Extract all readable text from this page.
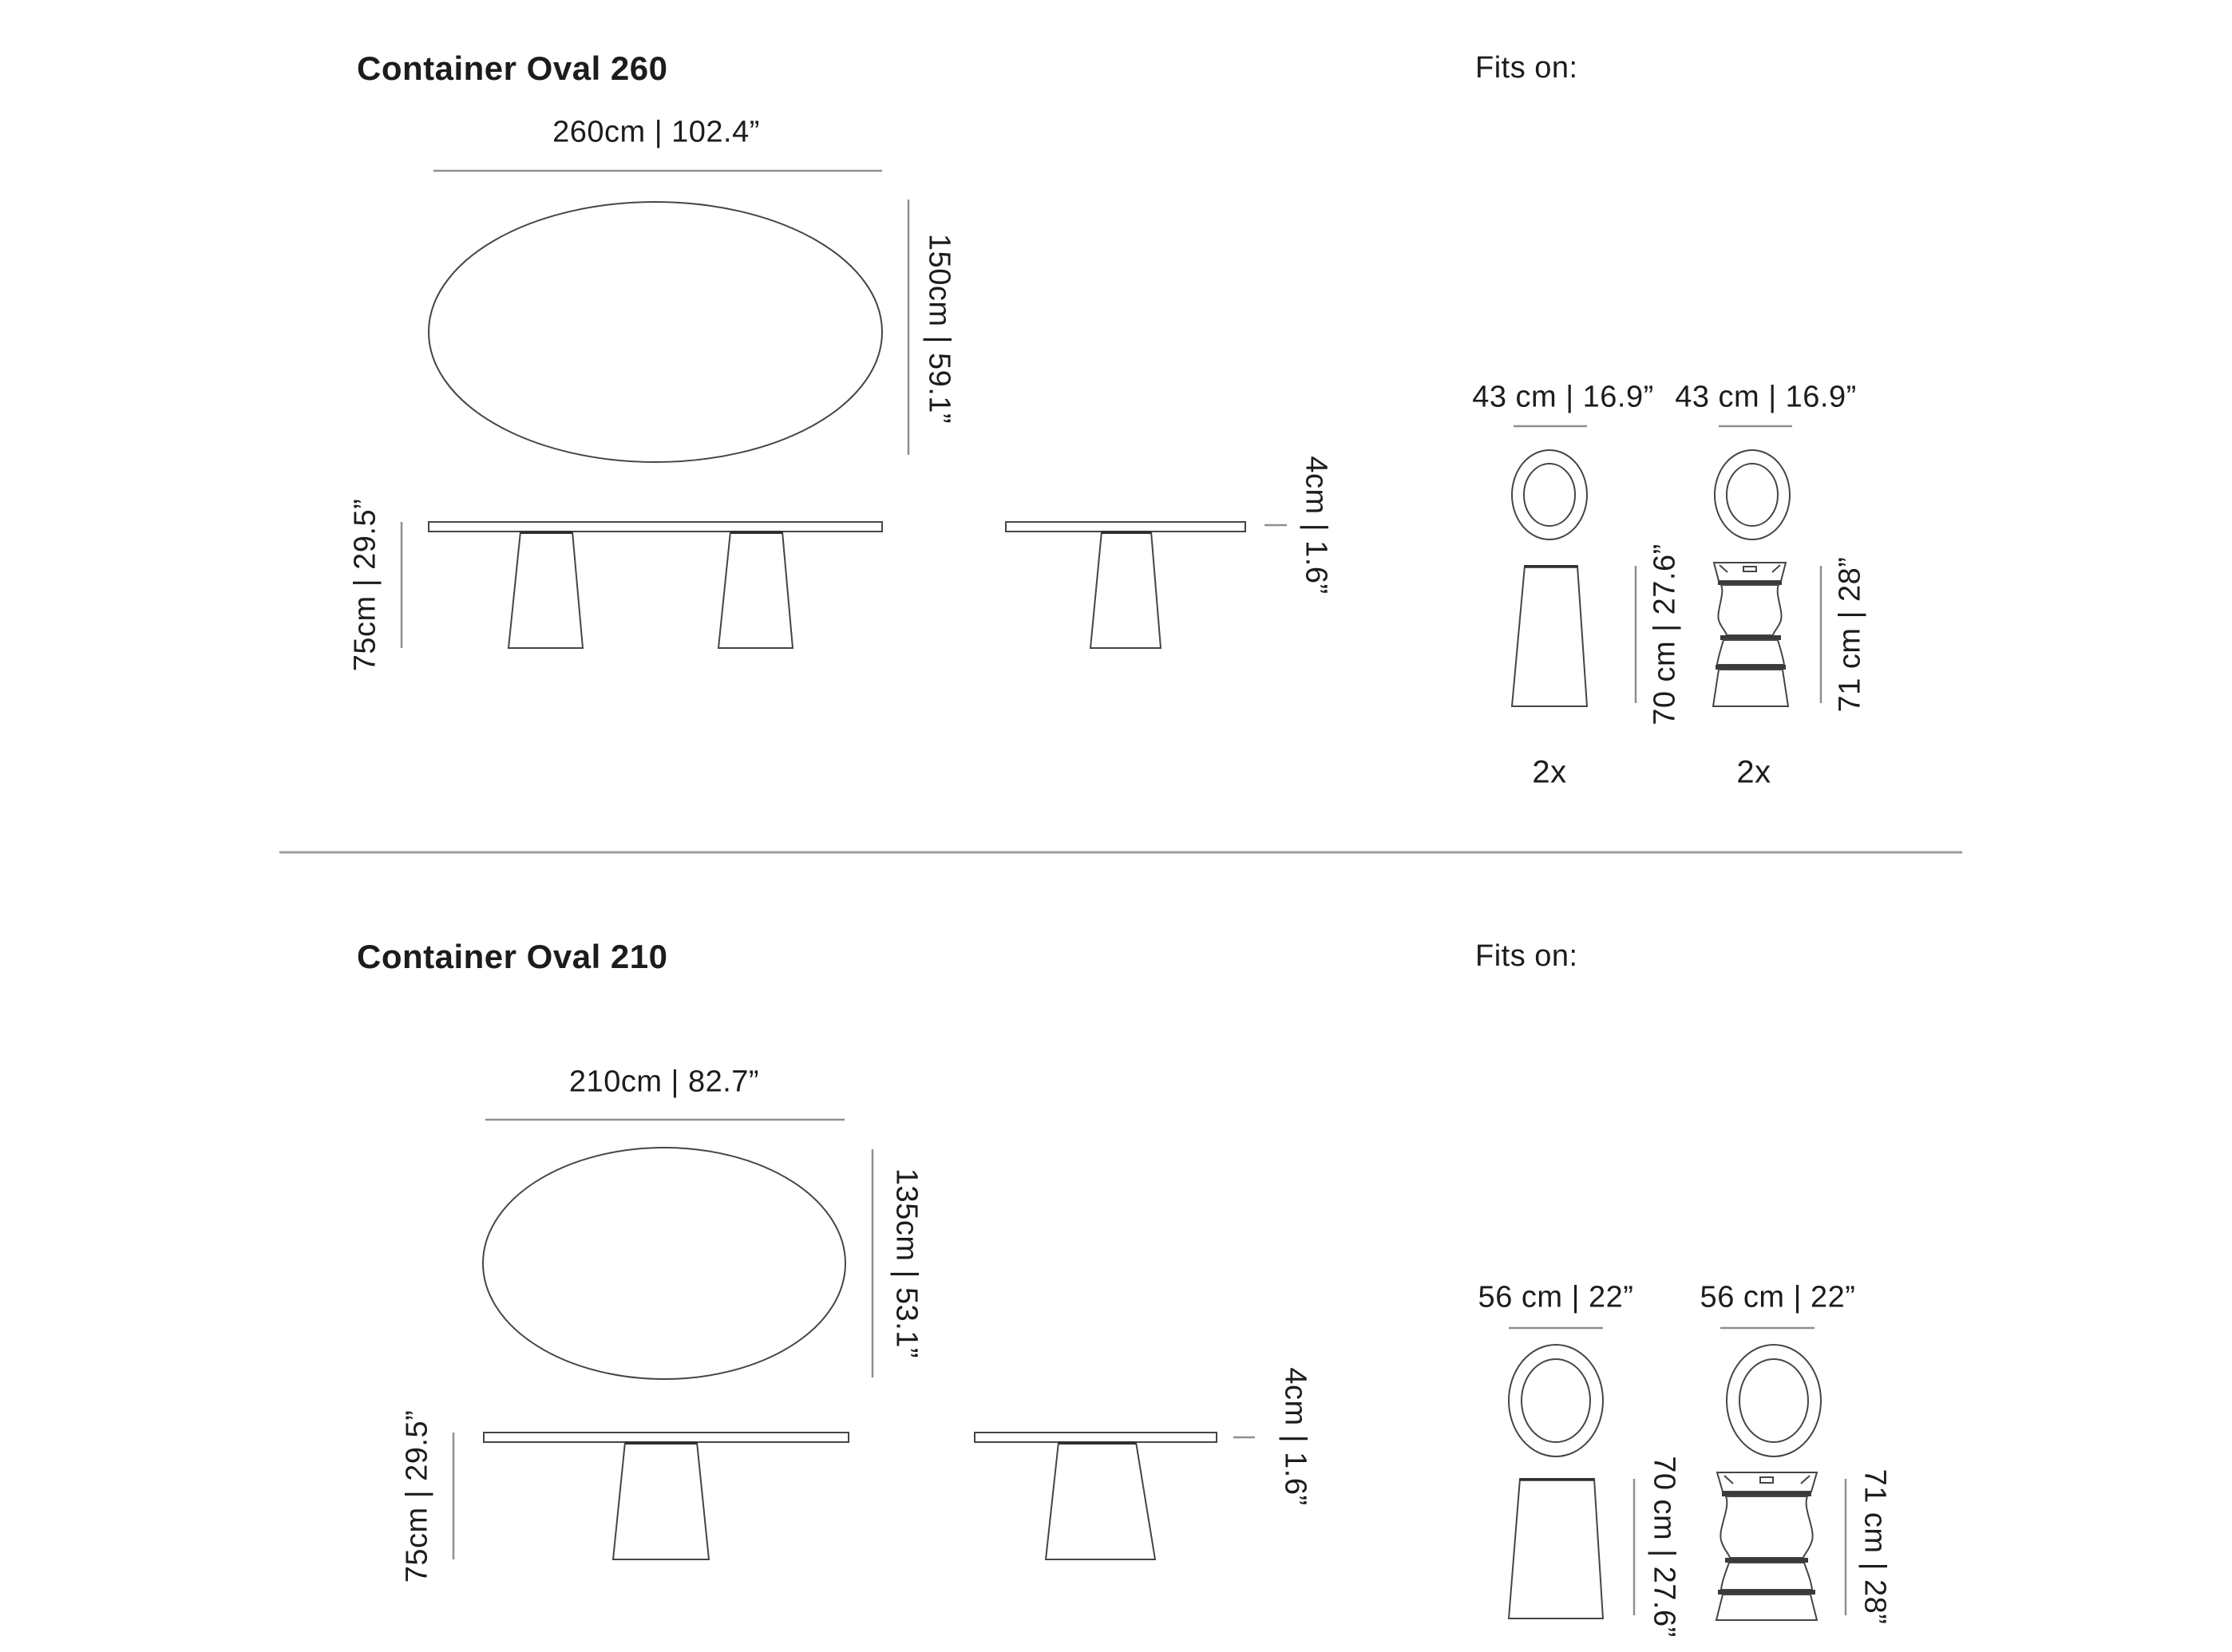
Container Oval 260	Fits on:
260cm | 102.4”
150cm | 59.1”
75cm | 29.5”	4cm | 1.6”
43 cm | 16.9” 43 cm | 16.9”
70 cm | 27.6”	71 cm | 28”
2x	2x
Container Oval 210	Fits on:
210cm | 82.7”
135cm | 53.1”
75cm | 29.5”	4cm | 1.6”
56 cm | 22” 56 cm | 22”
70 cm | 27.6”	71 cm | 28”
